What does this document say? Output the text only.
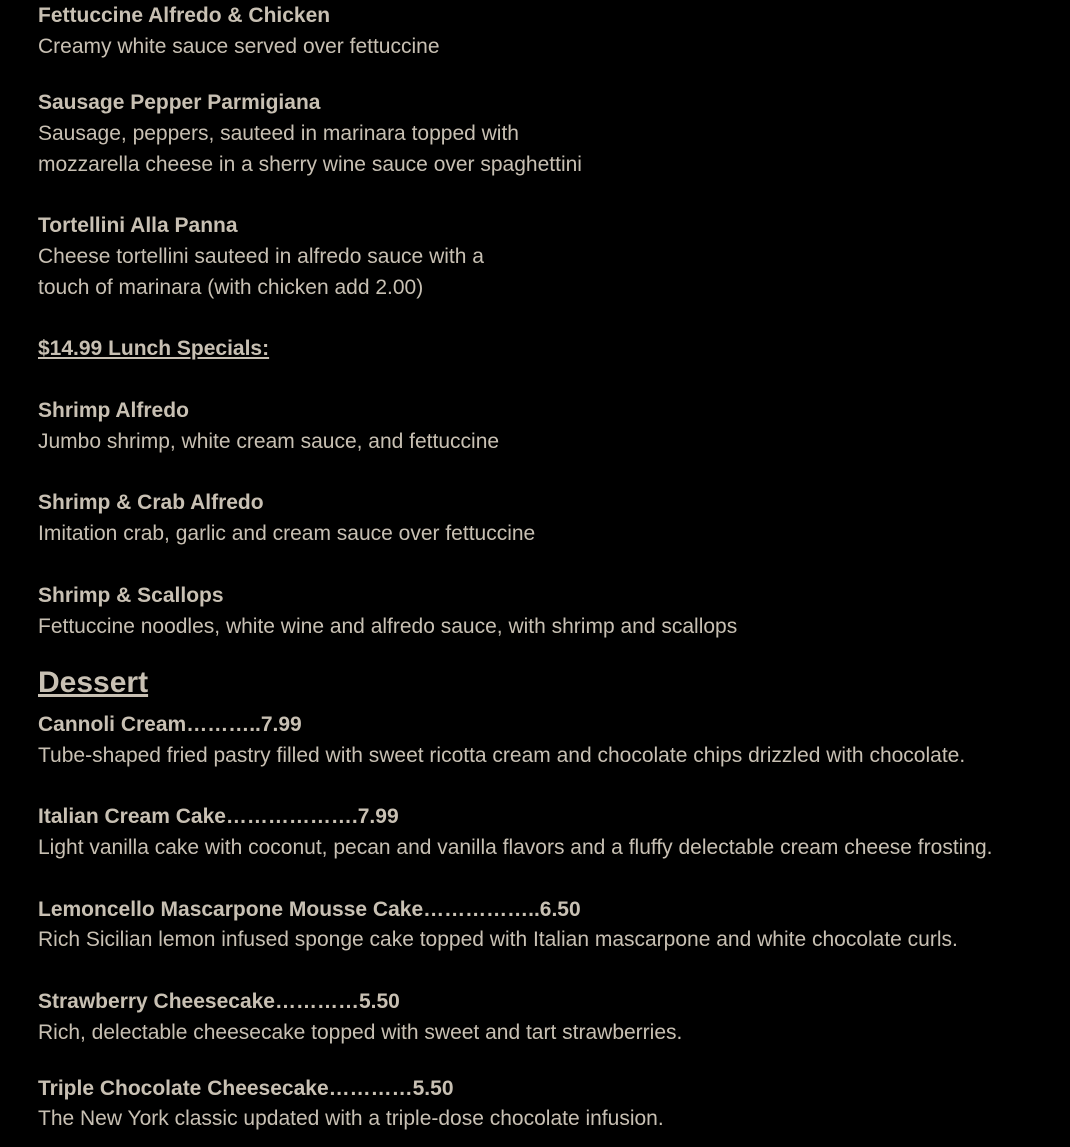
Fettuccine Alfredo & Chicken
Creamy white sauce served over fettuccine
Sausage Pepper Parmigiana
Sausage, peppers, sauteed in marinara topped with
mozzarella cheese in a sherry wine sauce over spaghettini
Tortellini Alla Panna
Cheese tortellini sauteed in alfredo sauce with a
touch of marinara (with chicken add 2.00)
$14.99 Lunch Specials:
Shrimp Alfredo
Jumbo shrimp, white cream sauce, and fettuccine
Shrimp & Crab Alfredo
Imitation crab, garlic and cream sauce over fettuccine
Shrimp & Scallops
Fettuccine noodles, white wine and alfredo sauce, with shrimp and scallops
Dessert
Cannoli Cream………..7.99
Tube-shaped fried pastry filled with sweet ricotta cream and chocolate chips drizzled with chocolate.
Italian Cream Cake……………….7.99
Light vanilla cake with coconut, pecan and vanilla flavors and a fluffy delectable cream cheese frosting.
Lemoncello Mascarpone Mousse Cake……………..6.50
Rich Sicilian lemon infused sponge cake topped with Italian mascarpone and white chocolate curls.
Strawberry Cheesecake…………5.50
Rich, delectable cheesecake topped with sweet and tart strawberries.
Triple Chocolate Cheesecake…………5.50
The New York classic updated with a triple-dose chocolate infusion.
